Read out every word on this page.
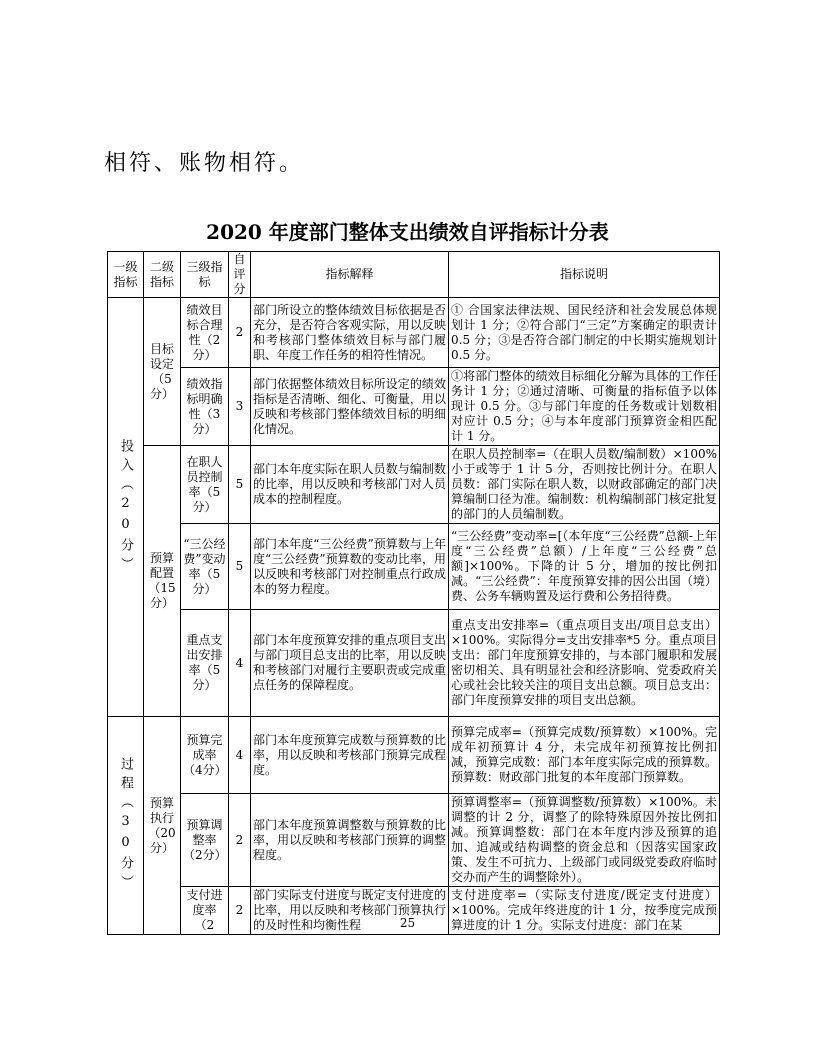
相符、账物相符。
2020 年度部门整体支出绩效自评指标计分表
一级指标	二级指标	三级指标	自评分	指标解释	指标说明

投入（20分）	目标设定（5分）	绩效目标合理性（2分）	2	部门所设立的整体绩效目标依据是否充分，是否符合客观实际，用以反映和考核部门整体绩效目标与部门履职、年度工作任务的相符性情况。	① 合国家法律法规、国民经济和社会发展总体规划计 1 分；②符合部门“三定”方案确定的职责计 0.5 分；③是否符合部门制定的中长期实施规划计 0.5 分。
		绩效指标明确性（3分）	3	部门依据整体绩效目标所设定的绩效指标是否清晰、细化、可衡量，用以反映和考核部门整体绩效目标的明细化情况。	①将部门整体的绩效目标细化分解为具体的工作任务计 1 分；②通过清晰、可衡量的指标值予以体现计 0.5 分。③与部门年度的任务数或计划数相对应计 0.5 分；④与本年度部门预算资金相匹配计 1 分。
	预算配置（15分）	在职人员控制率（5分）	5	部门本年度实际在职人员数与编制数的比率，用以反映和考核部门对人员成本的控制程度。	在职人员控制率=（在职人员数/编制数）×100%小于或等于 1 计 5 分，否则按比例计分。在职人员数：部门实际在职人数，以财政部确定的部门决算编制口径为准。编制数：机构编制部门核定批复的部门的人员编制数。
		“三公经费”变动率（5分）	5	部门本年度“三公经费”预算数与上年度“三公经费”预算数的变动比率，用以反映和考核部门对控制重点行政成本的努力程度。	“三公经费”变动率=[（本年度“三公经费”总额-上年度“三公经费”总额）/上年度“三公经费”总额]×100%。下降的计 5 分，增加的按比例扣减。“三公经费”：年度预算安排的因公出国（境）费、公务车辆购置及运行费和公务招待费。
		重点支出安排率（5分）	4	部门本年度预算安排的重点项目支出与部门项目总支出的比率，用以反映和考核部门对履行主要职责或完成重点任务的保障程度。	重点支出安排率=（重点项目支出/项目总支出）×100%。实际得分=支出安排率*5 分。重点项目支出：部门年度预算安排的，与本部门履职和发展密切相关、具有明显社会和经济影响、党委政府关心或社会比较关注的项目支出总额。项目总支出：部门年度预算安排的项目支出总额。

过程（30分）	预算执行（20分）	预算完成率（4分）	4	部门本年度预算完成数与预算数的比率，用以反映和考核部门预算完成程度。	预算完成率=（预算完成数/预算数）×100%。完成年初预算计 4 分，未完成年初预算按比例扣减，预算完成数：部门本年度实际完成的预算数。预算数：财政部门批复的本年度部门预算数。
		预算调整率（2分）	2	部门本年度预算调整数与预算数的比率，用以反映和考核部门预算的调整程度。	预算调整率=（预算调整数/预算数）×100%。未调整的计 2 分，调整了的除特殊原因外按比例扣减。预算调整数：部门在本年度内涉及预算的追加、追减或结构调整的资金总和（因落实国家政策、发生不可抗力、上级部门或同级党委政府临时交办而产生的调整除外）。
		支付进度率（2	2	部门实际支付进度与既定支付进度的比率，用以反映和考核部门预算执行的及时性和均衡性程	支付进度率=（实际支付进度/既定支付进度）×100%。完成年终进度的计 1 分，按季度完成预算进度的计 1 分。实际支付进度：部门在某
25
